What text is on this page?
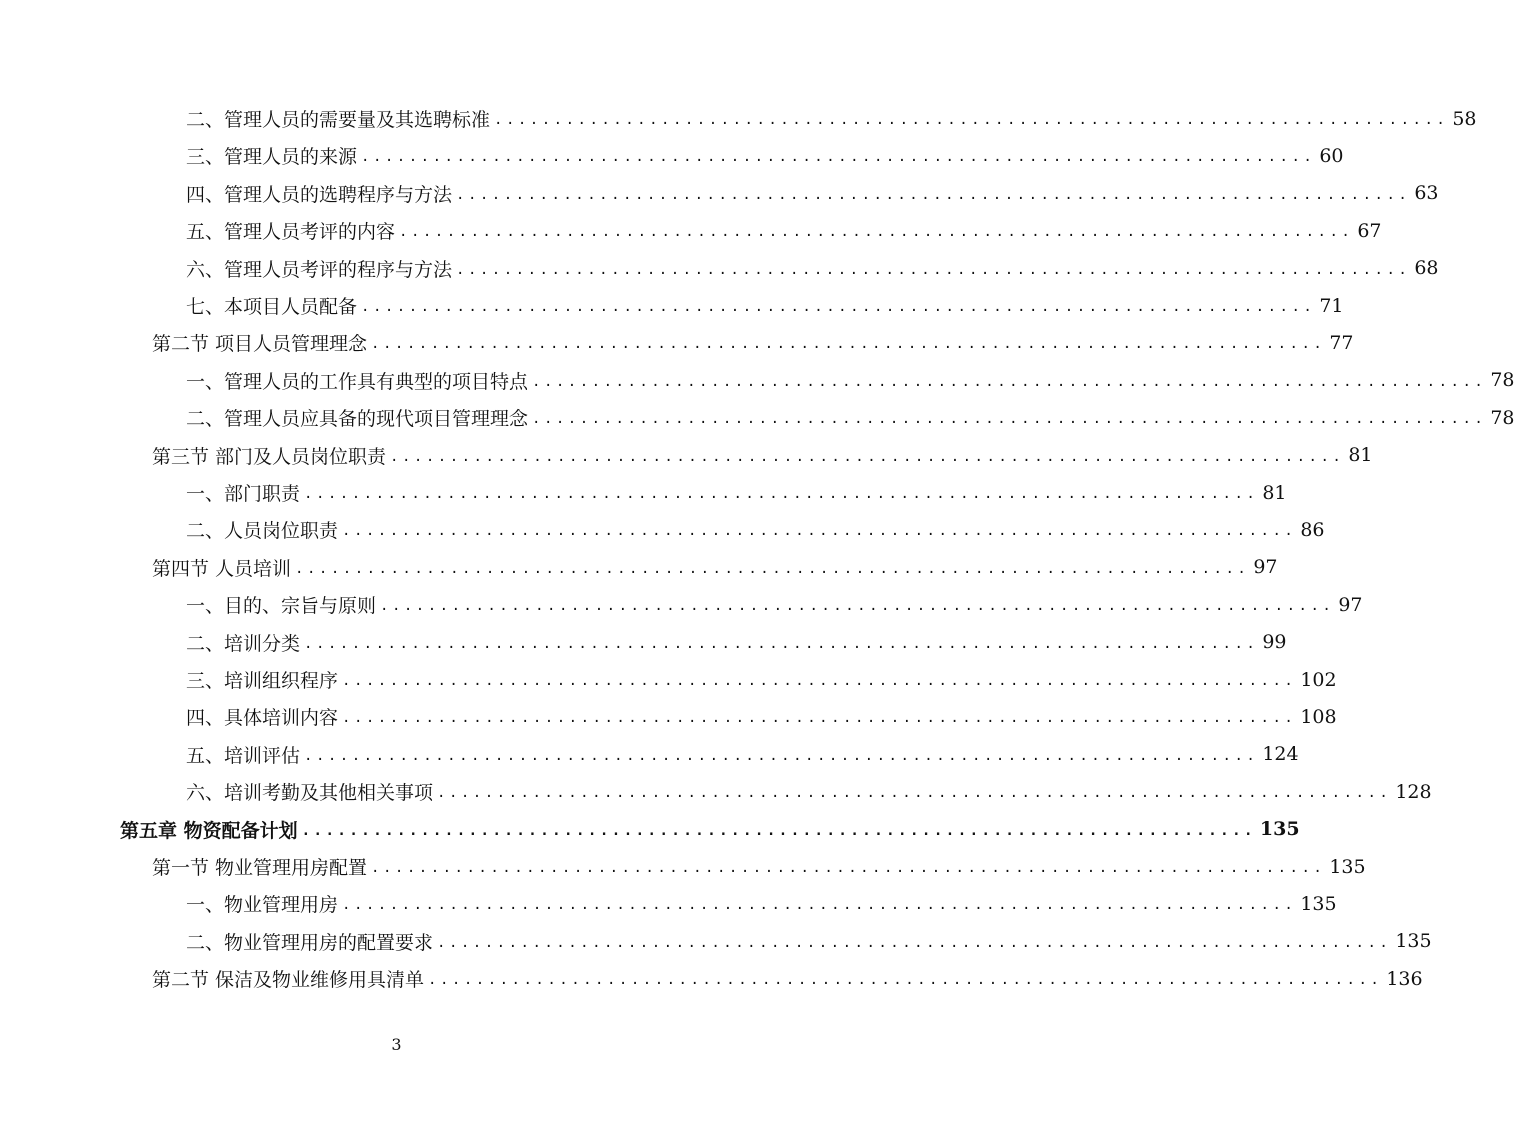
二、管理人员的需要量及其选聘标准 ................................................................................ 58
三、管理人员的来源 ................................................................................ 60
四、管理人员的选聘程序与方法 ................................................................................ 63
五、管理人员考评的内容 ................................................................................ 67
六、管理人员考评的程序与方法 ................................................................................ 68
七、本项目人员配备 ................................................................................ 71
第二节 项目人员管理理念 ................................................................................ 77
一、管理人员的工作具有典型的项目特点 ................................................................................ 78
二、管理人员应具备的现代项目管理理念 ................................................................................ 78
第三节 部门及人员岗位职责 ................................................................................ 81
一、部门职责 ................................................................................ 81
二、人员岗位职责 ................................................................................ 86
第四节 人员培训 ................................................................................ 97
一、目的、宗旨与原则 ................................................................................ 97
二、培训分类 ................................................................................ 99
三、培训组织程序 ................................................................................ 102
四、具体培训内容 ................................................................................ 108
五、培训评估 ................................................................................ 124
六、培训考勤及其他相关事项 ................................................................................ 128
第五章 物资配备计划 ................................................................................ 135
第一节 物业管理用房配置 ................................................................................ 135
一、物业管理用房 ................................................................................ 135
二、物业管理用房的配置要求 ................................................................................ 135
第二节 保洁及物业维修用具清单 ................................................................................ 136
3
